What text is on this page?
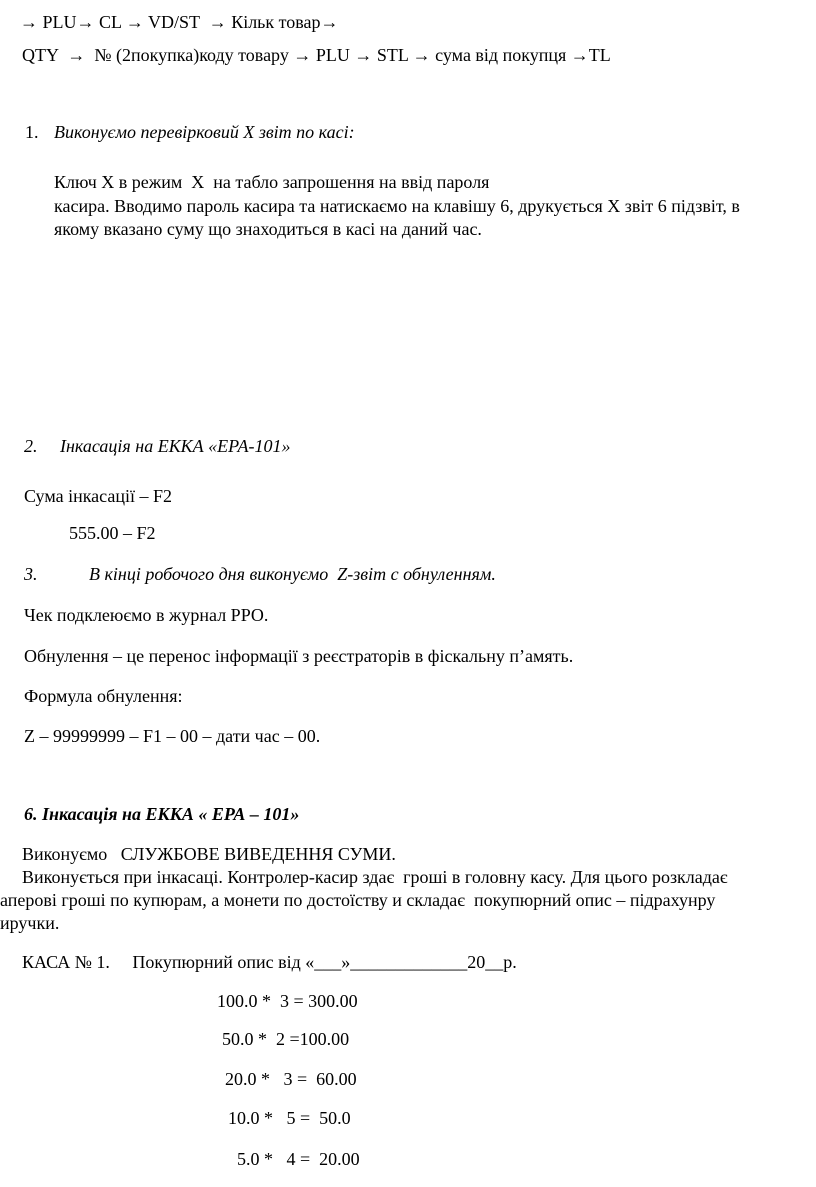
→ PLU→ CL → VD/ST  → Кільк товар→
QTY  →  № (2покупка)коду товару → PLU → STL → сума від покупця →TL
1. Виконуємо перевірковий X звіт по касі:
Ключ X в режим  X  на табло запрошення на ввід пароля
касира. Вводимо пароль касира та натискаємо на клавішу 6, друкується X звіт 6 підзвіт, в
якому вказано суму що знаходиться в касі на даний час.
2. Інкасація на ЕККА «ЕРА-101»
Сума інкасації – F2
555.00 – F2
3.	В кінці робочого дня виконуємо  Z-звіт с обнуленням.
Чек подклеюємо в журнал РРО.
Обнулення – це перенос інформації з реєстраторів в фіскальну п’амять.
Формула обнулення:
Z – 99999999 – F1 – 00 – дати час – 00.
6. Інкасація на ЕККА « ЕРА – 101»
Виконуємо   СЛУЖБОВЕ ВИВЕДЕННЯ СУМИ.
Виконується при інкасаці. Контролер-касир здає  гроші в головну касу. Для цього розкладає
аперові гроші по купюрам, а монети по достоїству и складає  покупюрний опис – підрахунру
иручки.
КАСА № 1.     Покупюрний опис від «___»_____________20__р.
100.0 *  3 = 300.00
50.0 *  2 =100.00
20.0 *   3 =  60.00
10.0 *   5 =  50.0
5.0 *   4 =  20.00
